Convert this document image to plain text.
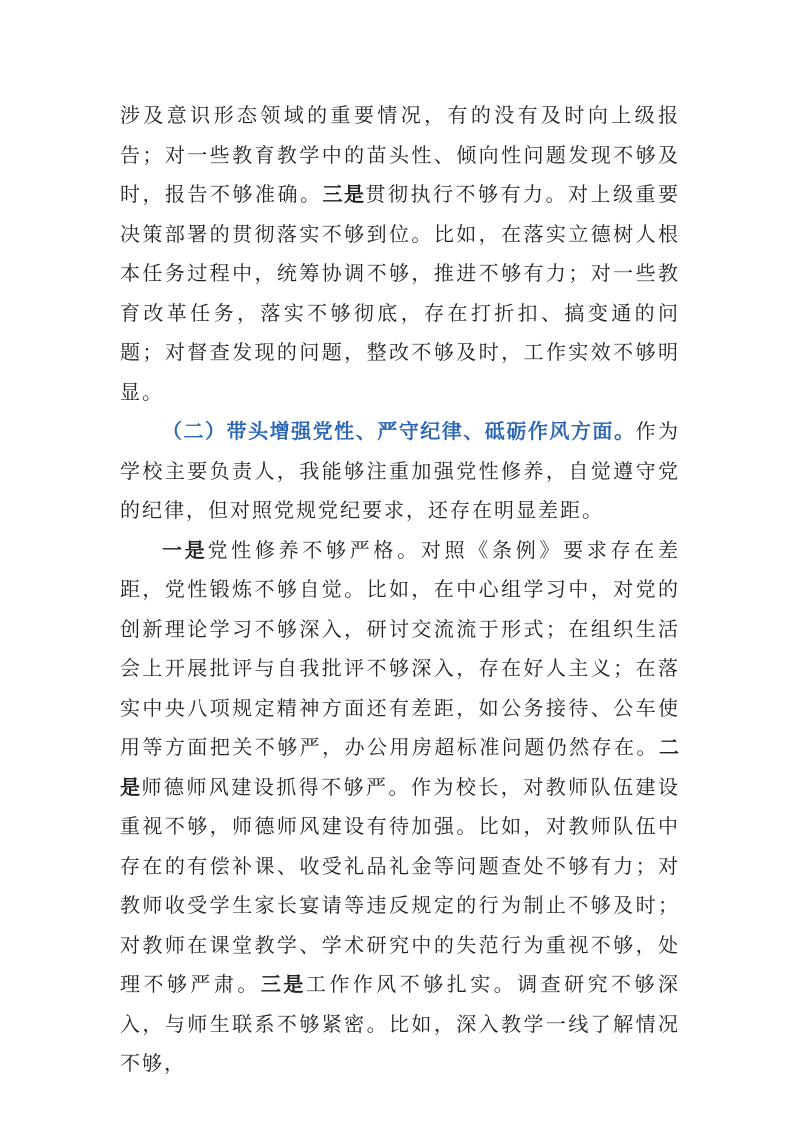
涉及意识形态领域的重要情况，有的没有及时向上级报告；对一些教育教学中的苗头性、倾向性问题发现不够及时，报告不够准确。三是贯彻执行不够有力。对上级重要决策部署的贯彻落实不够到位。比如，在落实立德树人根本任务过程中，统筹协调不够，推进不够有力；对一些教育改革任务，落实不够彻底，存在打折扣、搞变通的问题；对督查发现的问题，整改不够及时，工作实效不够明显。

（二）带头增强党性、严守纪律、砥砺作风方面。作为学校主要负责人，我能够注重加强党性修养，自觉遵守党的纪律，但对照党规党纪要求，还存在明显差距。

一是党性修养不够严格。对照《条例》要求存在差距，党性锻炼不够自觉。比如，在中心组学习中，对党的创新理论学习不够深入，研讨交流流于形式；在组织生活会上开展批评与自我批评不够深入，存在好人主义；在落实中央八项规定精神方面还有差距，如公务接待、公车使用等方面把关不够严，办公用房超标准问题仍然存在。二是师德师风建设抓得不够严。作为校长，对教师队伍建设重视不够，师德师风建设有待加强。比如，对教师队伍中存在的有偿补课、收受礼品礼金等问题查处不够有力；对教师收受学生家长宴请等违反规定的行为制止不够及时；对教师在课堂教学、学术研究中的失范行为重视不够，处理不够严肃。三是工作作风不够扎实。调查研究不够深入，与师生联系不够紧密。比如，深入教学一线了解情况不够，
